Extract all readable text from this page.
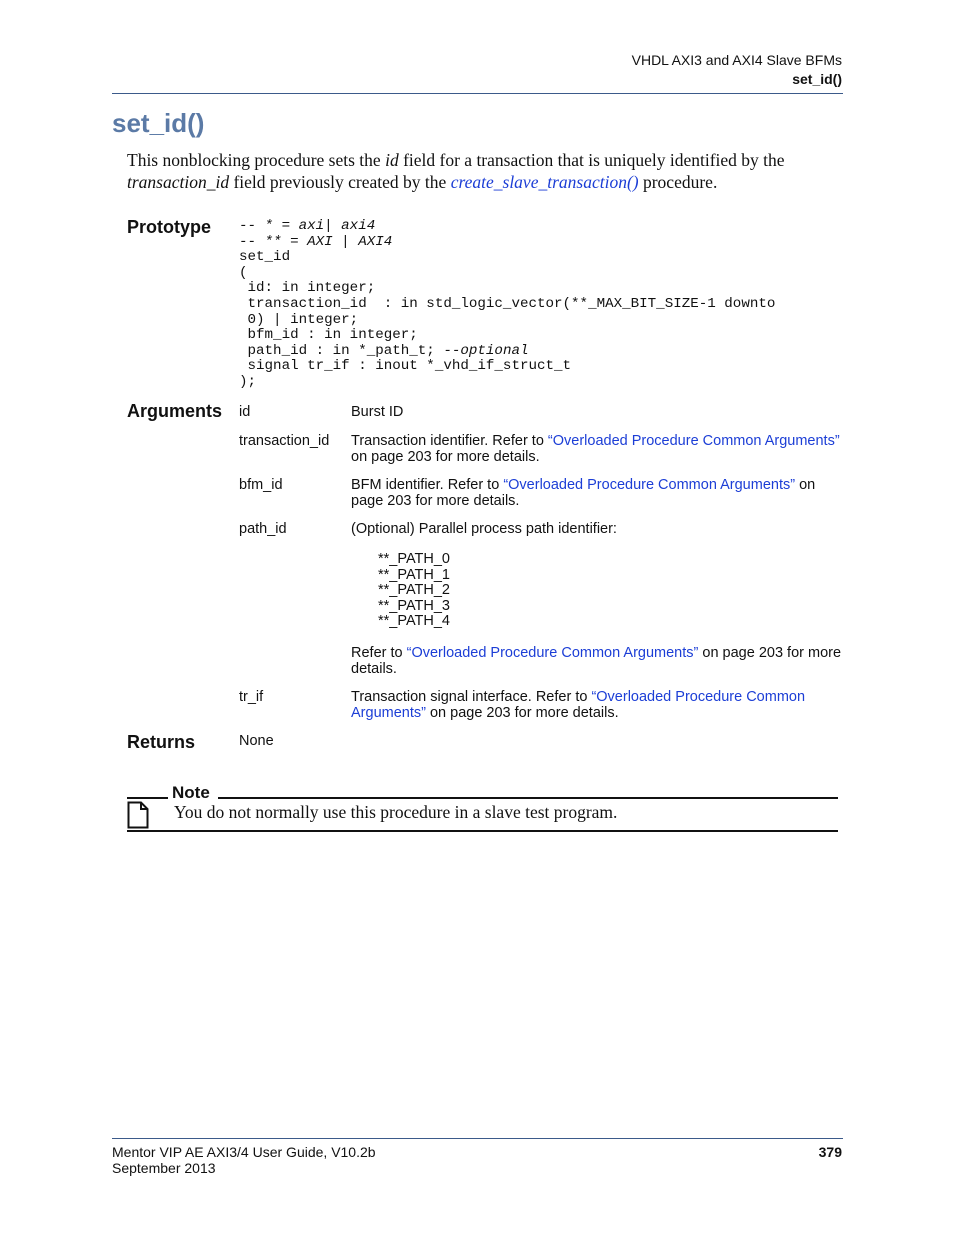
VHDL AXI3 and AXI4 Slave BFMs
set_id()
set_id()
This nonblocking procedure sets the id field for a transaction that is uniquely identified by the transaction_id field previously created by the create_slave_transaction() procedure.
Prototype -- * = axi| axi4
-- ** = AXI | AXI4
set_id
(
id: in integer;
transaction_id  : in std_logic_vector(**_MAX_BIT_SIZE-1 downto
0) | integer;
bfm_id : in integer;
path_id : in *_path_t; --optional
signal tr_if : inout *_vhd_if_struct_t
);
Arguments id	Burst ID
transaction_id Transaction identifier. Refer to “Overloaded Procedure Common Arguments” on page 203 for more details.
bfm_id	BFM identifier. Refer to “Overloaded Procedure Common Arguments” on page 203 for more details.
path_id	(Optional) Parallel process path identifier:
**_PATH_0
**_PATH_1
**_PATH_2
**_PATH_3
**_PATH_4
Refer to “Overloaded Procedure Common Arguments” on page 203 for more details.
tr_if	Transaction signal interface. Refer to “Overloaded Procedure Common Arguments” on page 203 for more details.
Returns	None
Note
You do not normally use this procedure in a slave test program.
Mentor VIP AE AXI3/4 User Guide, V10.2b
September 2013
379
